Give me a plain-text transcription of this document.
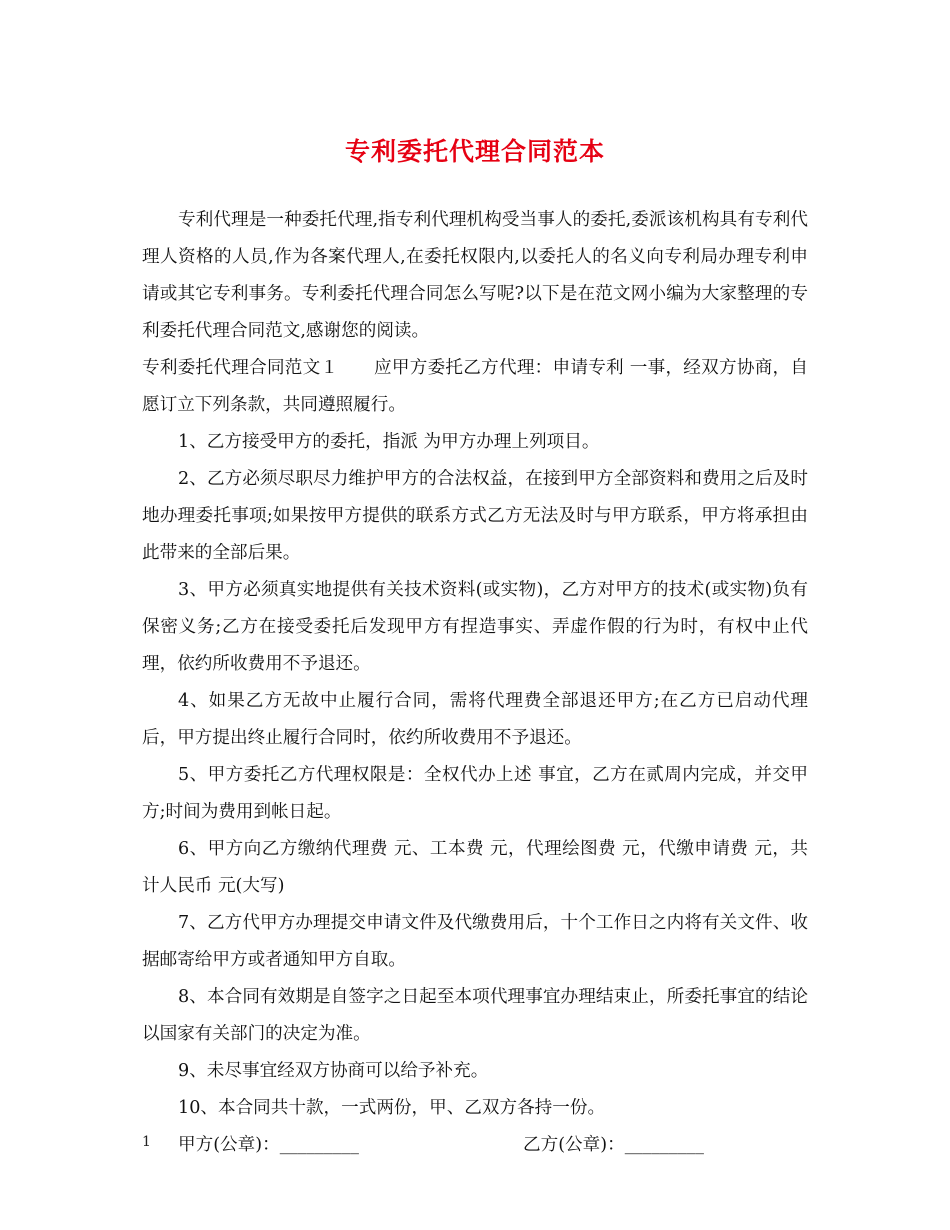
专利委托代理合同范本

专利代理是一种委托代理,指专利代理机构受当事人的委托,委派该机构具有专利代理人资格的人员,作为各案代理人,在委托权限内,以委托人的名义向专利局办理专利申请或其它专利事务。专利委托代理合同怎么写呢?以下是在范文网小编为大家整理的专利委托代理合同范文,感谢您的阅读。

专利委托代理合同范文１　　应甲方委托乙方代理：申请专利 一事，经双方协商，自愿订立下列条款，共同遵照履行。

1、乙方接受甲方的委托，指派 为甲方办理上列项目。

2、乙方必须尽职尽力维护甲方的合法权益，在接到甲方全部资料和费用之后及时地办理委托事项;如果按甲方提供的联系方式乙方无法及时与甲方联系，甲方将承担由此带来的全部后果。

3、甲方必须真实地提供有关技术资料(或实物)，乙方对甲方的技术(或实物)负有保密义务;乙方在接受委托后发现甲方有捏造事实、弄虚作假的行为时，有权中止代理，依约所收费用不予退还。

4、如果乙方无故中止履行合同，需将代理费全部退还甲方;在乙方已启动代理后，甲方提出终止履行合同时，依约所收费用不予退还。

5、甲方委托乙方代理权限是：全权代办上述 事宜，乙方在贰周内完成，并交甲方;时间为费用到帐日起。

6、甲方向乙方缴纳代理费 元、工本费 元，代理绘图费 元，代缴申请费 元，共计人民币 元(大写)

7、乙方代甲方办理提交申请文件及代缴费用后，十个工作日之内将有关文件、收据邮寄给甲方或者通知甲方自取。

8、本合同有效期是自签字之日起至本项代理事宜办理结束止，所委托事宜的结论以国家有关部门的决定为准。

9、未尽事宜经双方协商可以给予补充。

10、本合同共十款，一式两份，甲、乙双方各持一份。

甲方(公章)：_________	乙方(公章)：_________
1
